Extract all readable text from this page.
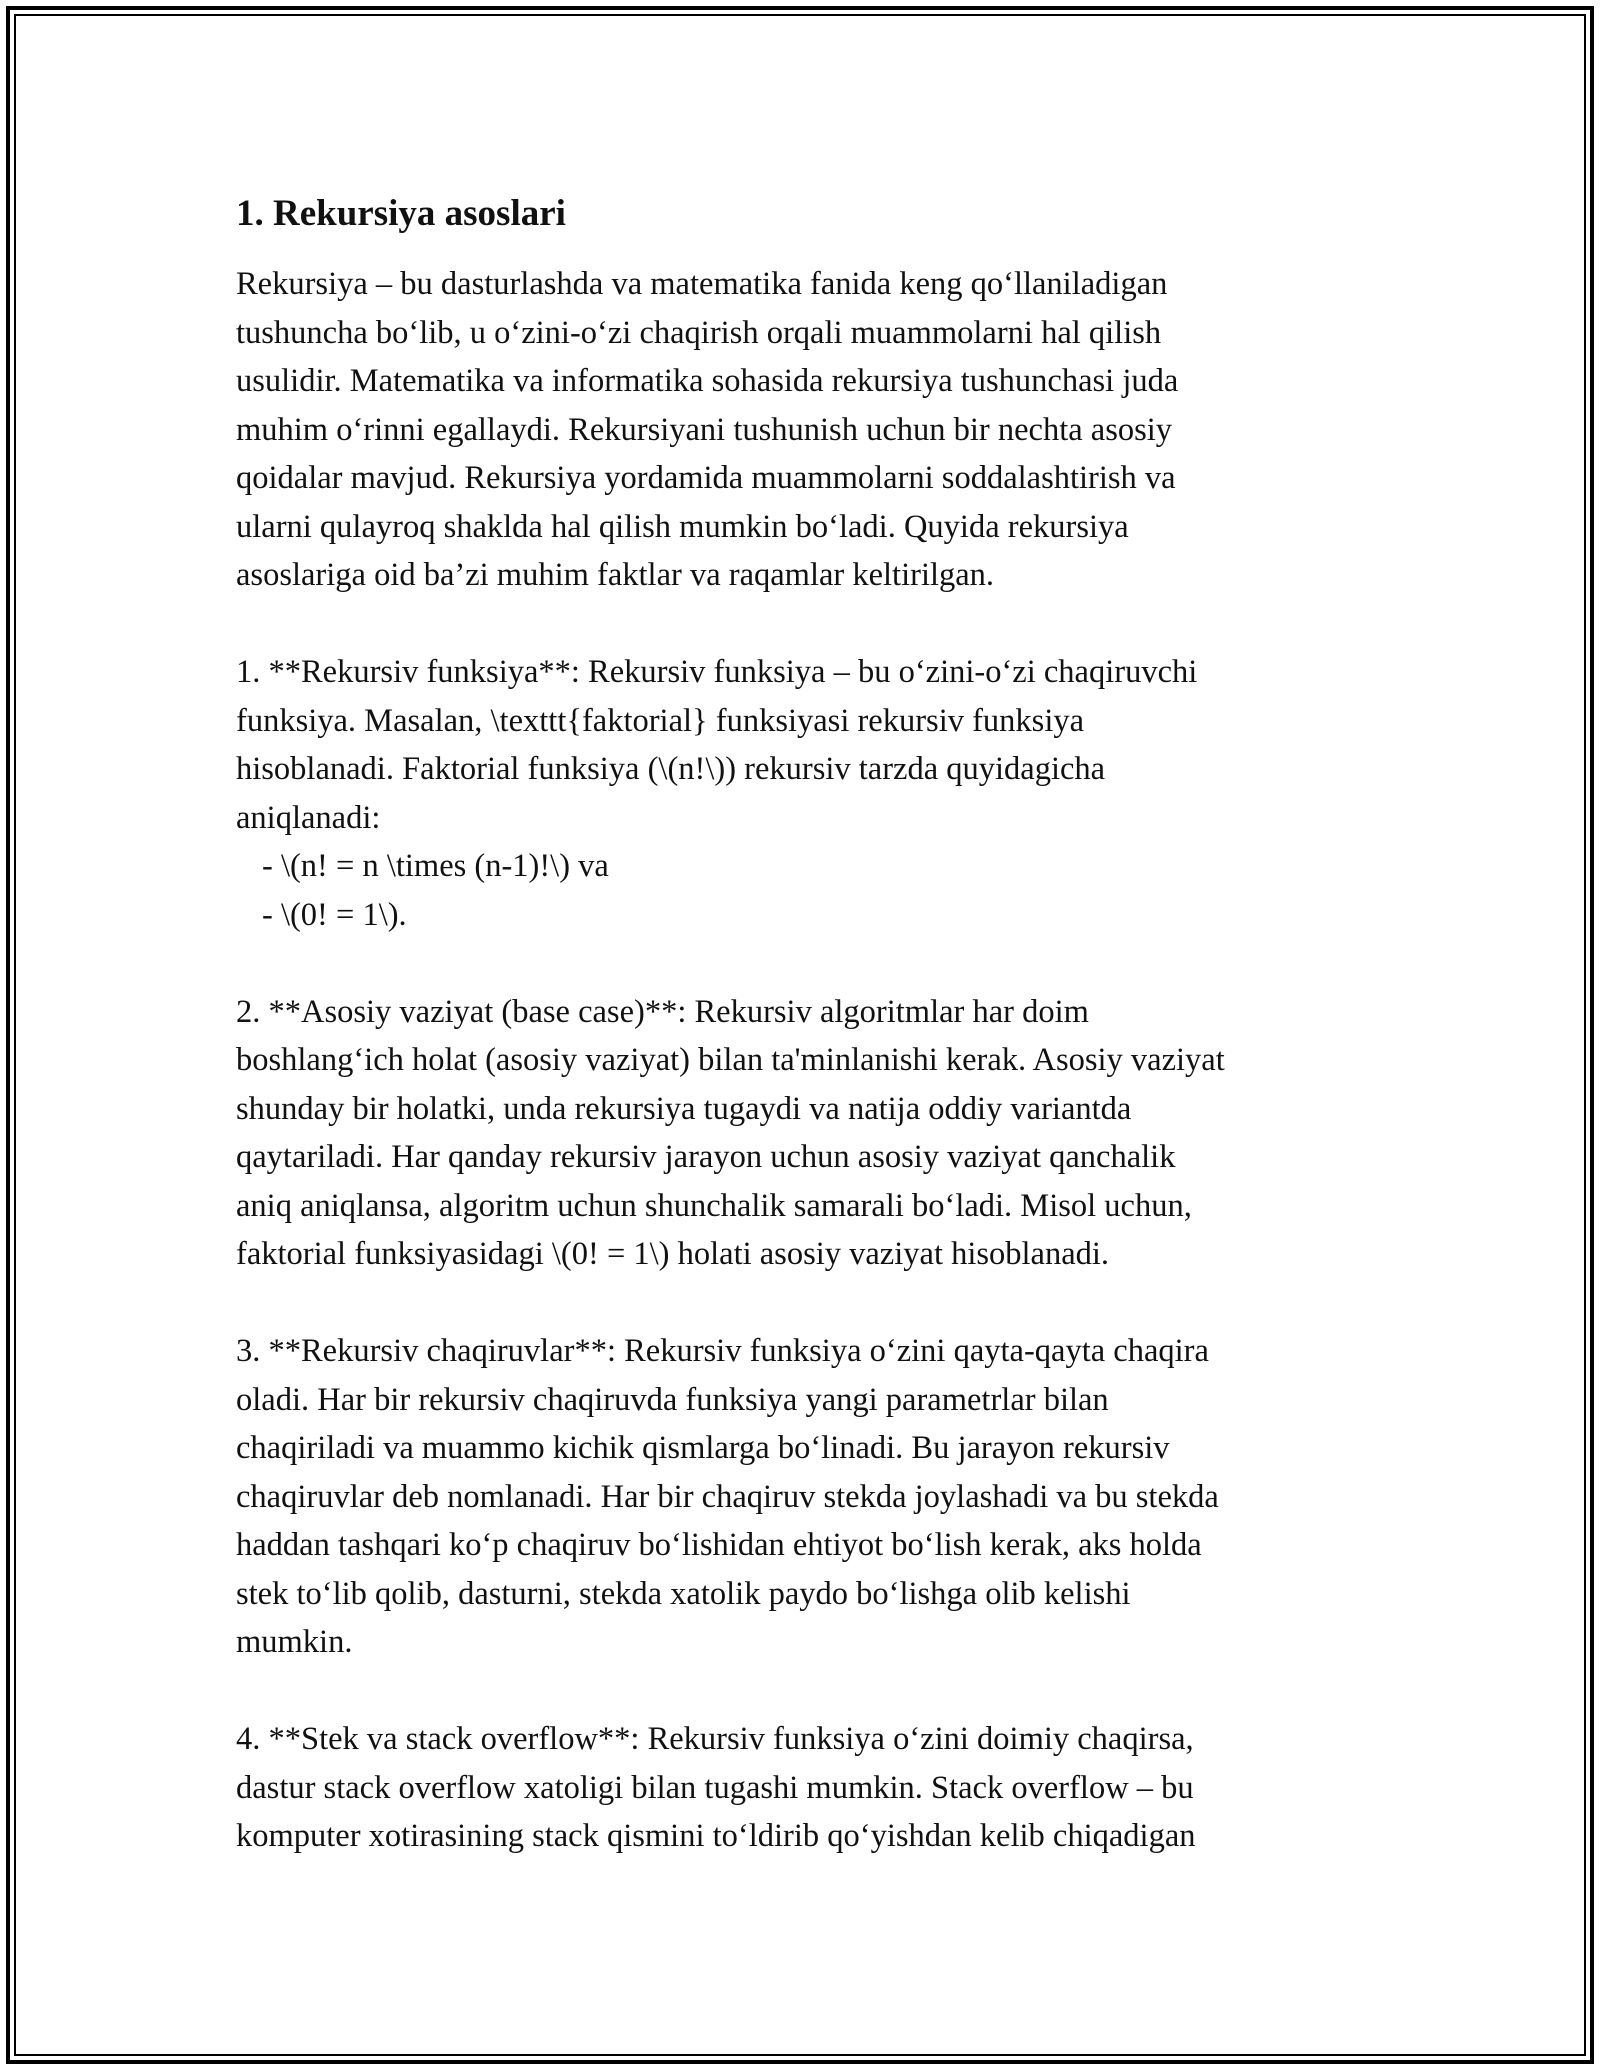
1. Rekursiya asoslari
Rekursiya – bu dasturlashda va matematika fanida keng qo‘llaniladigan
tushuncha bo‘lib, u o‘zini-o‘zi chaqirish orqali muammolarni hal qilish
usulidir. Matematika va informatika sohasida rekursiya tushunchasi juda
muhim o‘rinni egallaydi. Rekursiyani tushunish uchun bir nechta asosiy
qoidalar mavjud. Rekursiya yordamida muammolarni soddalashtirish va
ularni qulayroq shaklda hal qilish mumkin bo‘ladi. Quyida rekursiya
asoslariga oid ba’zi muhim faktlar va raqamlar keltirilgan.
1. **Rekursiv funksiya**: Rekursiv funksiya – bu o‘zini-o‘zi chaqiruvchi
funksiya. Masalan, \texttt{faktorial} funksiyasi rekursiv funksiya
hisoblanadi. Faktorial funksiya (\(n!\)) rekursiv tarzda quyidagicha
aniqlanadi:
- \(n! = n \times (n-1)!\) va
- \(0! = 1\).
2. **Asosiy vaziyat (base case)**: Rekursiv algoritmlar har doim
boshlang‘ich holat (asosiy vaziyat) bilan ta'minlanishi kerak. Asosiy vaziyat
shunday bir holatki, unda rekursiya tugaydi va natija oddiy variantda
qaytariladi. Har qanday rekursiv jarayon uchun asosiy vaziyat qanchalik
aniq aniqlansa, algoritm uchun shunchalik samarali bo‘ladi. Misol uchun,
faktorial funksiyasidagi \(0! = 1\) holati asosiy vaziyat hisoblanadi.
3. **Rekursiv chaqiruvlar**: Rekursiv funksiya o‘zini qayta-qayta chaqira
oladi. Har bir rekursiv chaqiruvda funksiya yangi parametrlar bilan
chaqiriladi va muammo kichik qismlarga bo‘linadi. Bu jarayon rekursiv
chaqiruvlar deb nomlanadi. Har bir chaqiruv stekda joylashadi va bu stekda
haddan tashqari ko‘p chaqiruv bo‘lishidan ehtiyot bo‘lish kerak, aks holda
stek to‘lib qolib, dasturni, stekda xatolik paydo bo‘lishga olib kelishi
mumkin.
4. **Stek va stack overflow**: Rekursiv funksiya o‘zini doimiy chaqirsa,
dastur stack overflow xatoligi bilan tugashi mumkin. Stack overflow – bu
komputer xotirasining stack qismini to‘ldirib qo‘yishdan kelib chiqadigan
